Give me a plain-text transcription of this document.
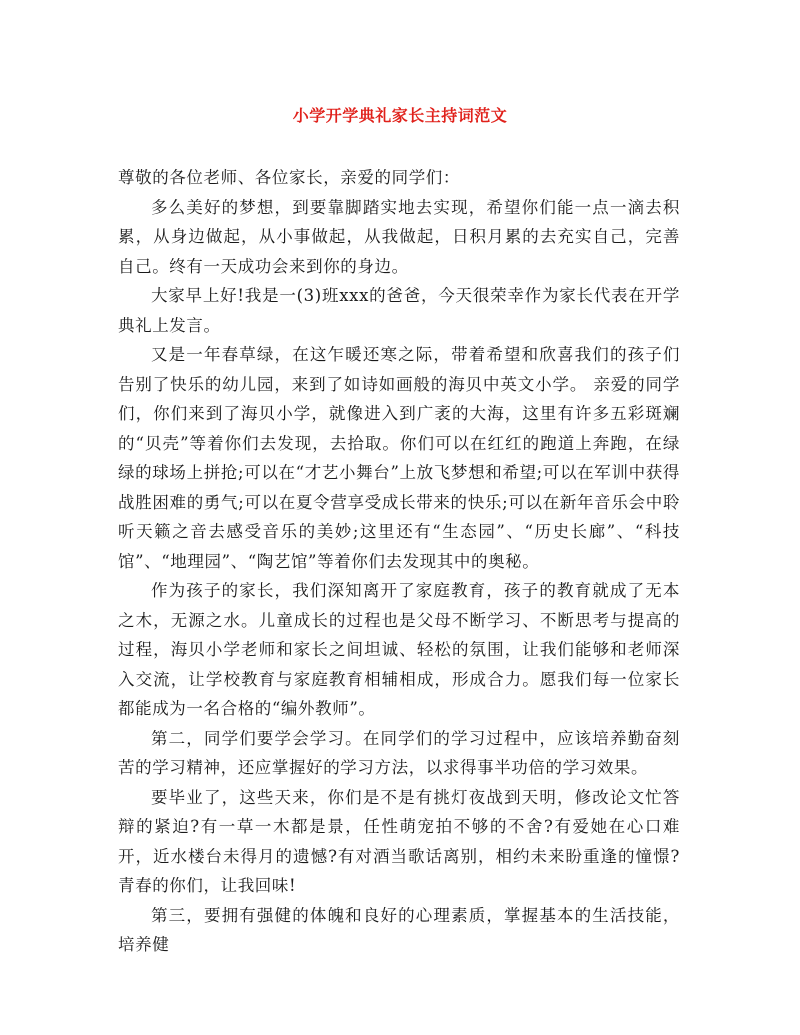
小学开学典礼家长主持词范文

尊敬的各位老师、各位家长，亲爱的同学们：

多么美好的梦想，到要靠脚踏实地去实现，希望你们能一点一滴去积累，从身边做起，从小事做起，从我做起，日积月累的去充实自己，完善自己。终有一天成功会来到你的身边。

大家早上好!我是一(3)班xxx的爸爸，今天很荣幸作为家长代表在开学典礼上发言。

又是一年春草绿，在这乍暖还寒之际，带着希望和欣喜我们的孩子们告别了快乐的幼儿园，来到了如诗如画般的海贝中英文小学。 亲爱的同学们，你们来到了海贝小学，就像进入到广袤的大海，这里有许多五彩斑斓的“贝壳”等着你们去发现，去拾取。你们可以在红红的跑道上奔跑，在绿绿的球场上拼抢;可以在“才艺小舞台”上放飞梦想和希望;可以在军训中获得战胜困难的勇气;可以在夏令营享受成长带来的快乐;可以在新年音乐会中聆听天籁之音去感受音乐的美妙;这里还有“生态园”、“历史长廊”、“科技馆”、“地理园”、“陶艺馆”等着你们去发现其中的奥秘。

作为孩子的家长，我们深知离开了家庭教育，孩子的教育就成了无本之木，无源之水。儿童成长的过程也是父母不断学习、不断思考与提高的过程，海贝小学老师和家长之间坦诚、轻松的氛围，让我们能够和老师深入交流，让学校教育与家庭教育相辅相成，形成合力。愿我们每一位家长都能成为一名合格的“编外教师”。

第二，同学们要学会学习。在同学们的学习过程中，应该培养勤奋刻苦的学习精神，还应掌握好的学习方法，以求得事半功倍的学习效果。

要毕业了，这些天来，你们是不是有挑灯夜战到天明，修改论文忙答辩的紧迫?有一草一木都是景，任性萌宠拍不够的不舍?有爱她在心口难开，近水楼台未得月的遗憾?有对酒当歌话离别，相约未来盼重逢的憧憬?青春的你们，让我回味!

第三，要拥有强健的体魄和良好的心理素质，掌握基本的生活技能，培养健
